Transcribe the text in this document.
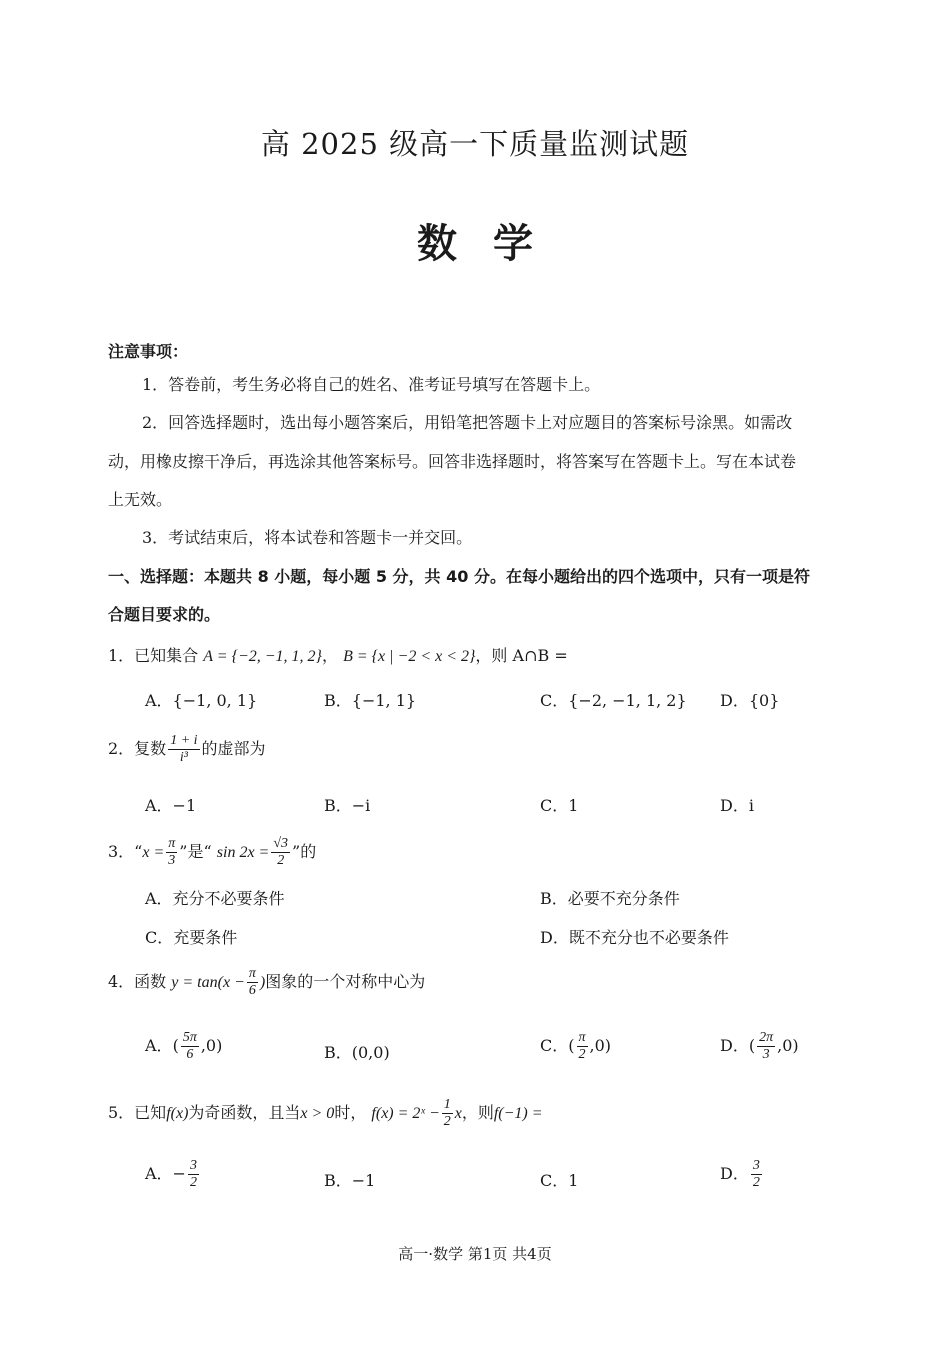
高 2025 级高一下质量监测试题
数学
注意事项：
1．答卷前，考生务必将自己的姓名、准考证号填写在答题卡上。
2．回答选择题时，选出每小题答案后，用铅笔把答题卡上对应题目的答案标号涂黑。如需改
动，用橡皮擦干净后，再选涂其他答案标号。回答非选择题时，将答案写在答题卡上。写在本试卷
上无效。
3．考试结束后，将本试卷和答题卡一并交回。
一、选择题：本题共 8 小题，每小题 5 分，共 40 分。在每小题给出的四个选项中，只有一项是符
合题目要求的。
1．已知集合 A = {−2, −1, 1, 2}， B = {x | −2 < x < 2}，则 A∩B =
A．{−1, 0, 1}	B．{−1, 1}	C．{−2, −1, 1, 2} D．{0}
2．复数 $\frac{1 + i}{\text{i³}}$ 的虚部为
A．−1	B．−i	C．1	D．i
3．“$x = \frac{\pi}{3}$ ”是“ $\sin 2x = \frac{√3}{2}$ ”的
A．充分不必要条件	B．必要不充分条件
C．充要条件	D．既不充分也不必要条件
4．函数 $y = \tan(x - \frac{\pi}{6}$ )图象的一个对称中心为
A．( $\frac{5\pi}{6} ,0$)	B．(0,0)	C．( $\frac{\pi}{2} ,0$)	D．( $\frac{2\pi}{3} ,0$)
5．已知f(x)为奇函数，且当x > 0时， f(x) = 2ˣ − $\frac{1}{2}$ x，则f(−1) =
A．− $\frac{3}{2}$	B．−1	C．1	D． $\frac{3}{2}$
高一·数学 第1页 共4页
